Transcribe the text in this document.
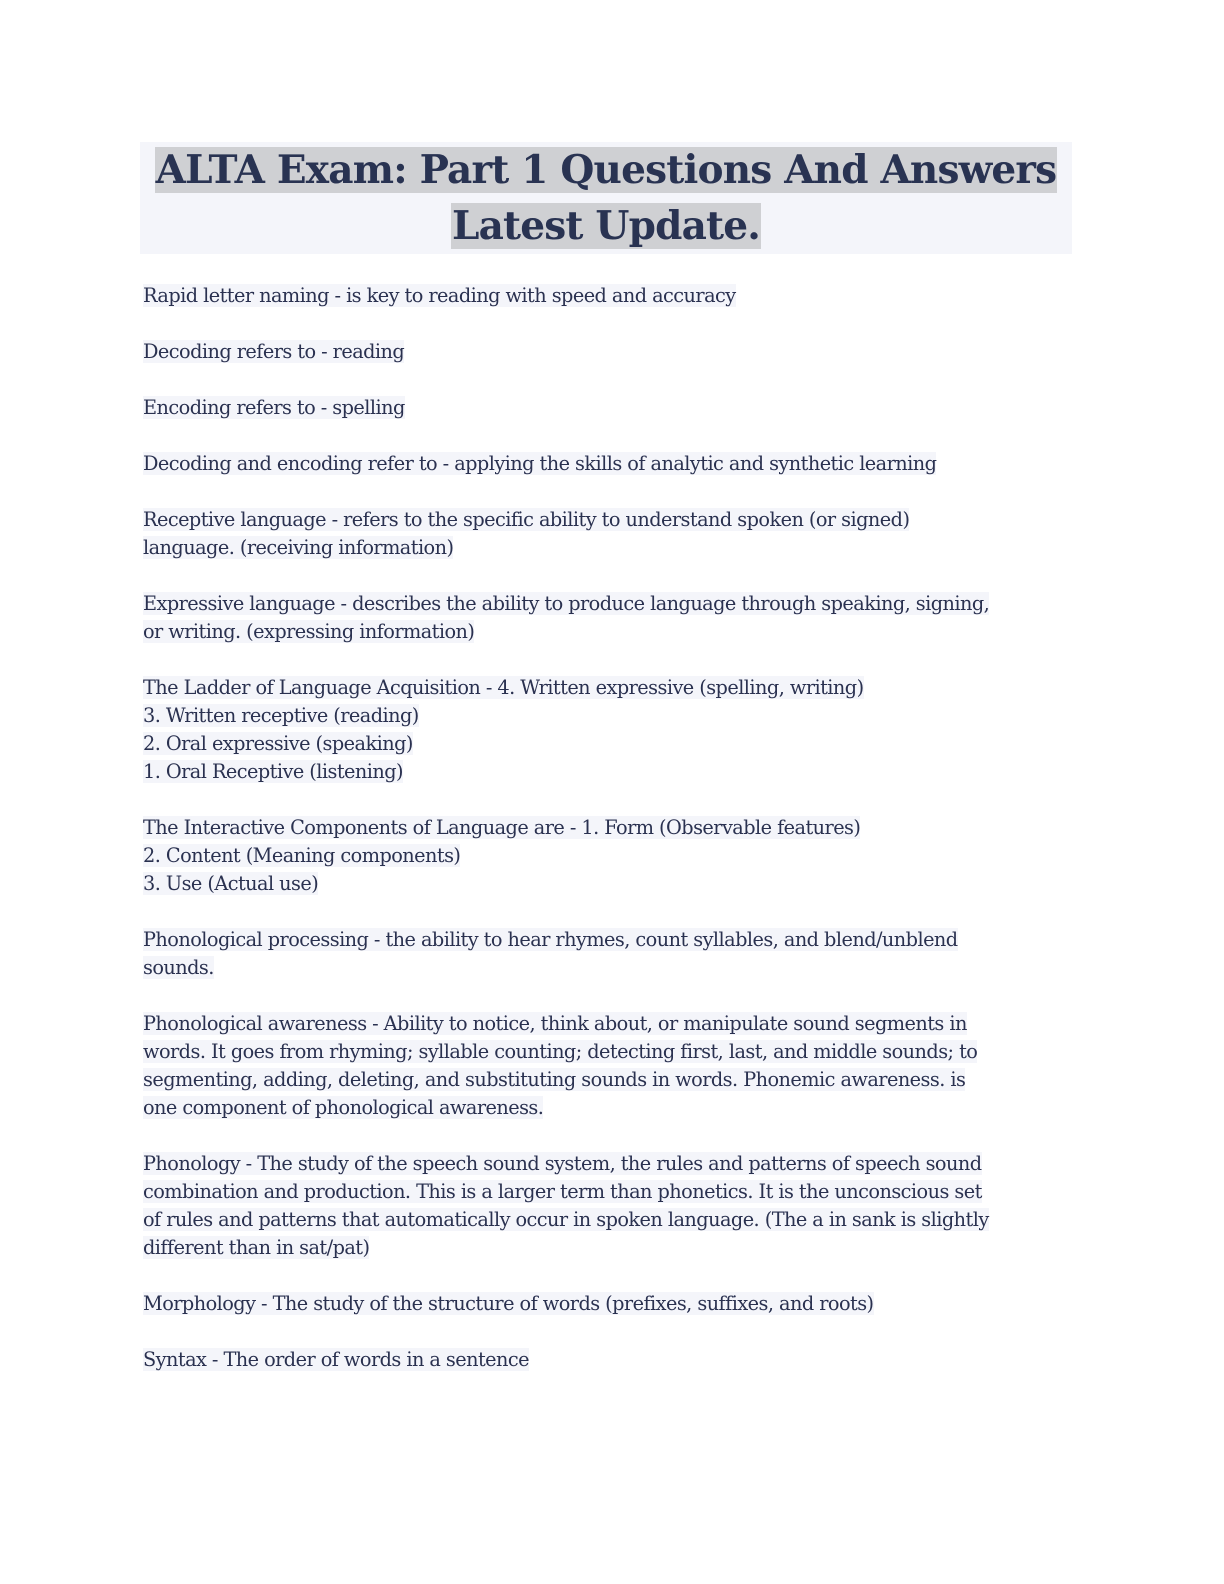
ALTA Exam: Part 1 Questions And Answers
Latest Update.

Rapid letter naming - is key to reading with speed and accuracy

Decoding refers to - reading

Encoding refers to - spelling

Decoding and encoding refer to - applying the skills of analytic and synthetic learning

Receptive language - refers to the specific ability to understand spoken (or signed)
language. (receiving information)

Expressive language - describes the ability to produce language through speaking, signing,
or writing. (expressing information)

The Ladder of Language Acquisition - 4. Written expressive (spelling, writing)
3. Written receptive (reading)
2. Oral expressive (speaking)
1. Oral Receptive (listening)

The Interactive Components of Language are - 1. Form (Observable features)
2. Content (Meaning components)
3. Use (Actual use)

Phonological processing - the ability to hear rhymes, count syllables, and blend/unblend
sounds.

Phonological awareness - Ability to notice, think about, or manipulate sound segments in
words. It goes from rhyming; syllable counting; detecting first, last, and middle sounds; to
segmenting, adding, deleting, and substituting sounds in words. Phonemic awareness. is
one component of phonological awareness.

Phonology - The study of the speech sound system, the rules and patterns of speech sound
combination and production. This is a larger term than phonetics. It is the unconscious set
of rules and patterns that automatically occur in spoken language. (The a in sank is slightly
different than in sat/pat)

Morphology - The study of the structure of words (prefixes, suffixes, and roots)

Syntax - The order of words in a sentence
